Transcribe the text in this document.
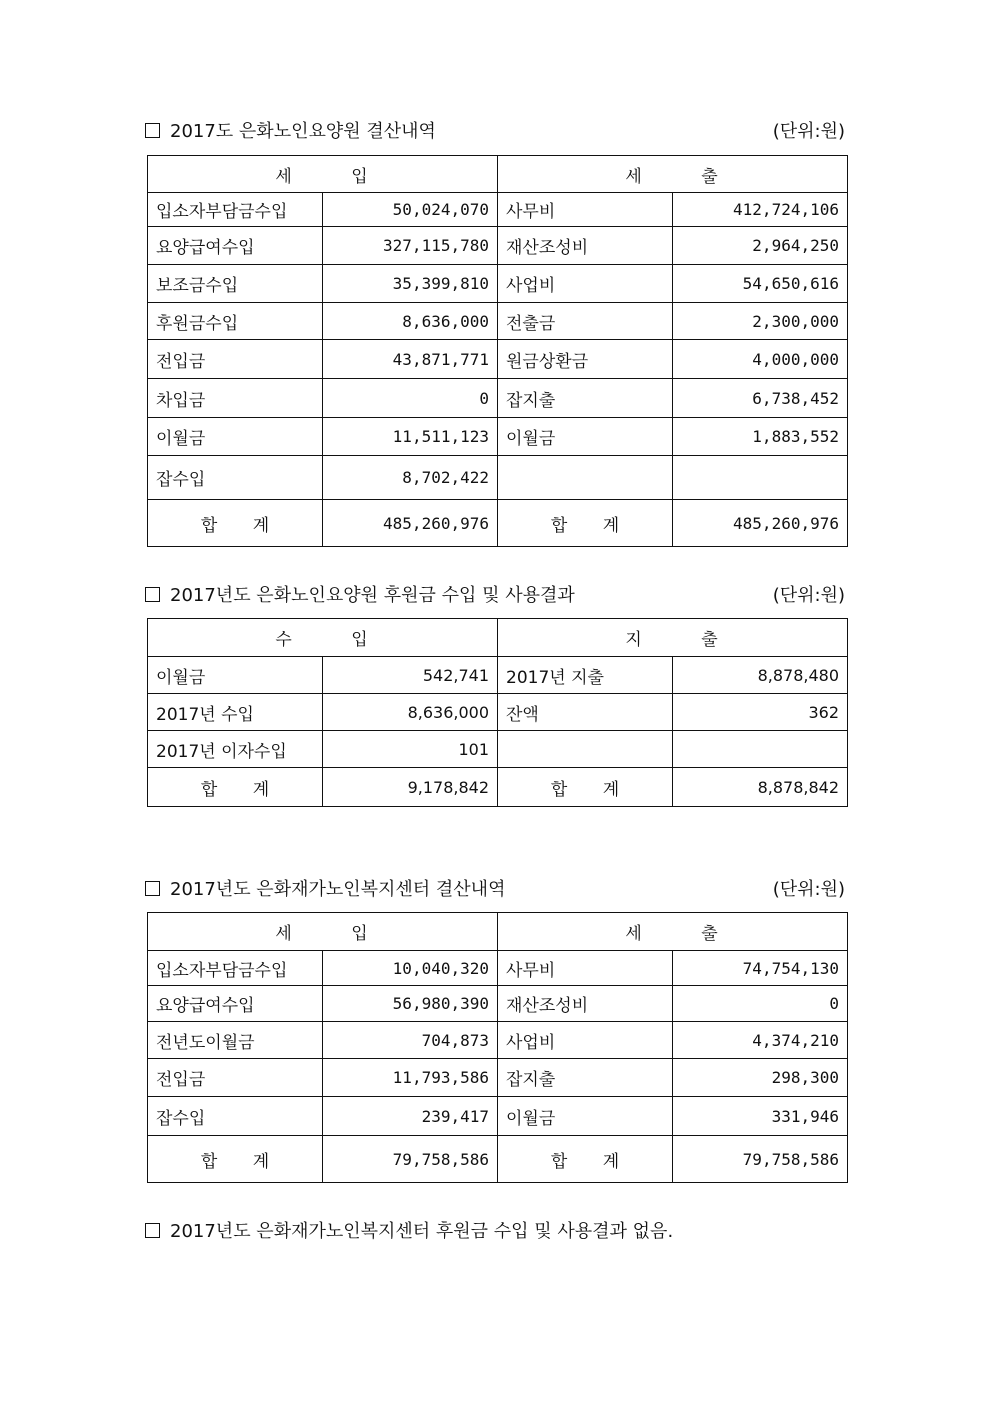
2017도 은화노인요양원 결산내역	(단위:원)
세 입		세 출	
입소자부담금수입	50,024,070	사무비	412,724,106
요양급여수입	327,115,780	재산조성비	2,964,250
보조금수입	35,399,810	사업비	54,650,616
후원금수입	8,636,000	전출금	2,300,000
전입금	43,871,771	원금상환금	4,000,000
차입금	0	잡지출	6,738,452
이월금	11,511,123	이월금	1,883,552
잡수입	8,702,422		
합 계	485,260,976	합 계	485,260,976
2017년도 은화노인요양원 후원금 수입 및 사용결과	(단위:원)
수 입		지 출	
이월금	542,741	2017년 지출	8,878,480
2017년 수입	8,636,000	잔액	362
2017년 이자수입	101		
합 계	9,178,842	합 계	8,878,842
2017년도 은화재가노인복지센터 결산내역	(단위:원)
세 입		세 출	
입소자부담금수입	10,040,320	사무비	74,754,130
요양급여수입	56,980,390	재산조성비	0
전년도이월금	704,873	사업비	4,374,210
전입금	11,793,586	잡지출	298,300
잡수입	239,417	이월금	331,946
합 계	79,758,586	합 계	79,758,586
2017년도 은화재가노인복지센터 후원금 수입 및 사용결과 없음.
